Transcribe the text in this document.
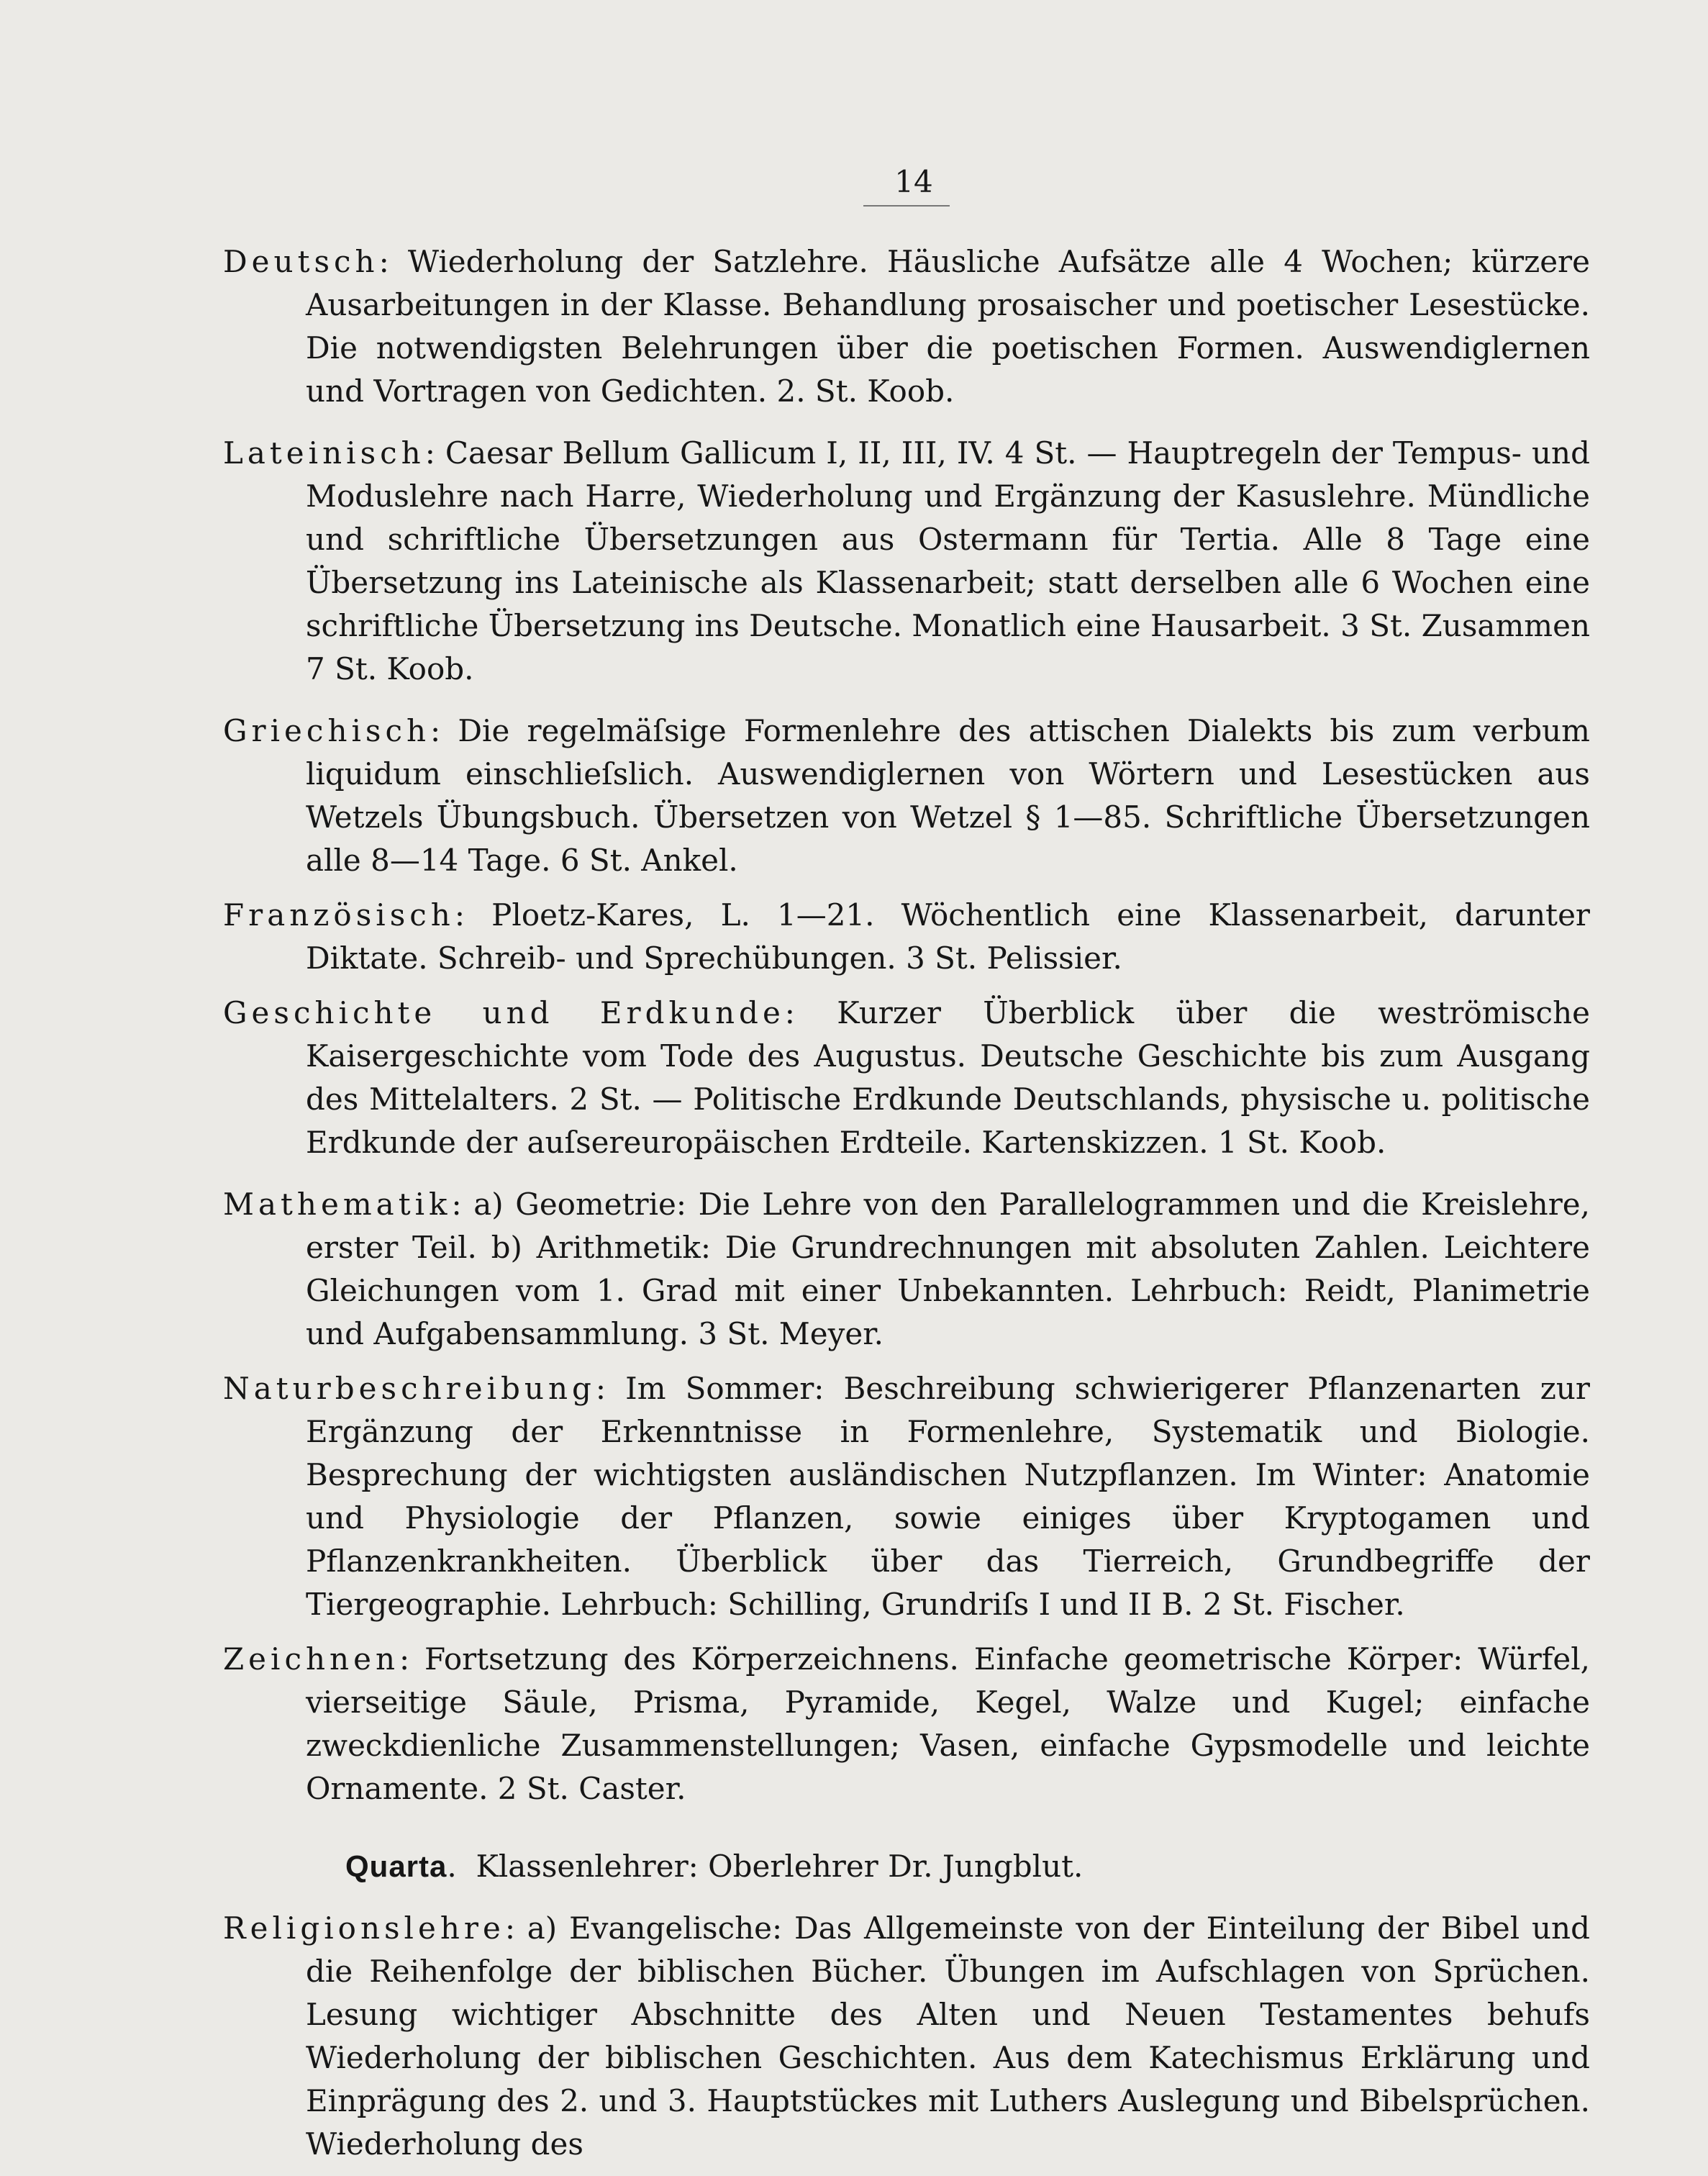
14

Deutsch: Wiederholung der Satzlehre. Häusliche Aufsätze alle 4 Wochen; kürzere Ausarbeitungen in der Klasse. Behandlung prosaischer und poetischer Lesestücke. Die notwendigsten Belehrungen über die poetischen Formen. Auswendiglernen und Vortragen von Gedichten. 2. St. Koob.

Lateinisch: Caesar Bellum Gallicum I, II, III, IV. 4 St. — Hauptregeln der Tempus- und Moduslehre nach Harre, Wiederholung und Ergänzung der Kasuslehre. Mündliche und schriftliche Übersetzungen aus Ostermann für Tertia. Alle 8 Tage eine Übersetzung ins Lateinische als Klassenarbeit; statt derselben alle 6 Wochen eine schriftliche Übersetzung ins Deutsche. Monatlich eine Hausarbeit. 3 St. Zusammen 7 St. Koob.

Griechisch: Die regelmäſsige Formenlehre des attischen Dialekts bis zum verbum liquidum einschlieſslich. Auswendiglernen von Wörtern und Lesestücken aus Wetzels Übungsbuch. Übersetzen von Wetzel § 1—85. Schriftliche Übersetzungen alle 8—14 Tage. 6 St. Ankel.

Französisch: Ploetz-Kares, L. 1—21. Wöchentlich eine Klassenarbeit, darunter Diktate. Schreib- und Sprechübungen. 3 St. Pelissier.

Geschichte und Erdkunde: Kurzer Überblick über die weströmische Kaisergeschichte vom Tode des Augustus. Deutsche Geschichte bis zum Ausgang des Mittelalters. 2 St. — Politische Erdkunde Deutschlands, physische u. politische Erdkunde der auſsereuropäischen Erdteile. Kartenskizzen. 1 St. Koob.

Mathematik: a) Geometrie: Die Lehre von den Parallelogrammen und die Kreislehre, erster Teil. b) Arithmetik: Die Grundrechnungen mit absoluten Zahlen. Leichtere Gleichungen vom 1. Grad mit einer Unbekannten. Lehrbuch: Reidt, Planimetrie und Aufgabensammlung. 3 St. Meyer.

Naturbeschreibung: Im Sommer: Beschreibung schwierigerer Pflanzenarten zur Ergänzung der Erkenntnisse in Formenlehre, Systematik und Biologie. Besprechung der wichtigsten ausländischen Nutzpflanzen. Im Winter: Anatomie und Physiologie der Pflanzen, sowie einiges über Kryptogamen und Pflanzenkrankheiten. Überblick über das Tierreich, Grundbegriffe der Tiergeographie. Lehrbuch: Schilling, Grundriſs I und II B. 2 St. Fischer.

Zeichnen: Fortsetzung des Körperzeichnens. Einfache geometrische Körper: Würfel, vierseitige Säule, Prisma, Pyramide, Kegel, Walze und Kugel; einfache zweckdienliche Zusammenstellungen; Vasen, einfache Gypsmodelle und leichte Ornamente. 2 St. Caster.

Quarta.  Klassenlehrer: Oberlehrer Dr. Jungblut.

Religionslehre: a) Evangelische: Das Allgemeinste von der Einteilung der Bibel und die Reihenfolge der biblischen Bücher. Übungen im Aufschlagen von Sprüchen. Lesung wichtiger Abschnitte des Alten und Neuen Testamentes behufs Wiederholung der biblischen Geschichten. Aus dem Katechismus Erklärung und Einprägung des 2. und 3. Hauptstückes mit Luthers Auslegung und Bibelsprüchen. Wiederholung des
